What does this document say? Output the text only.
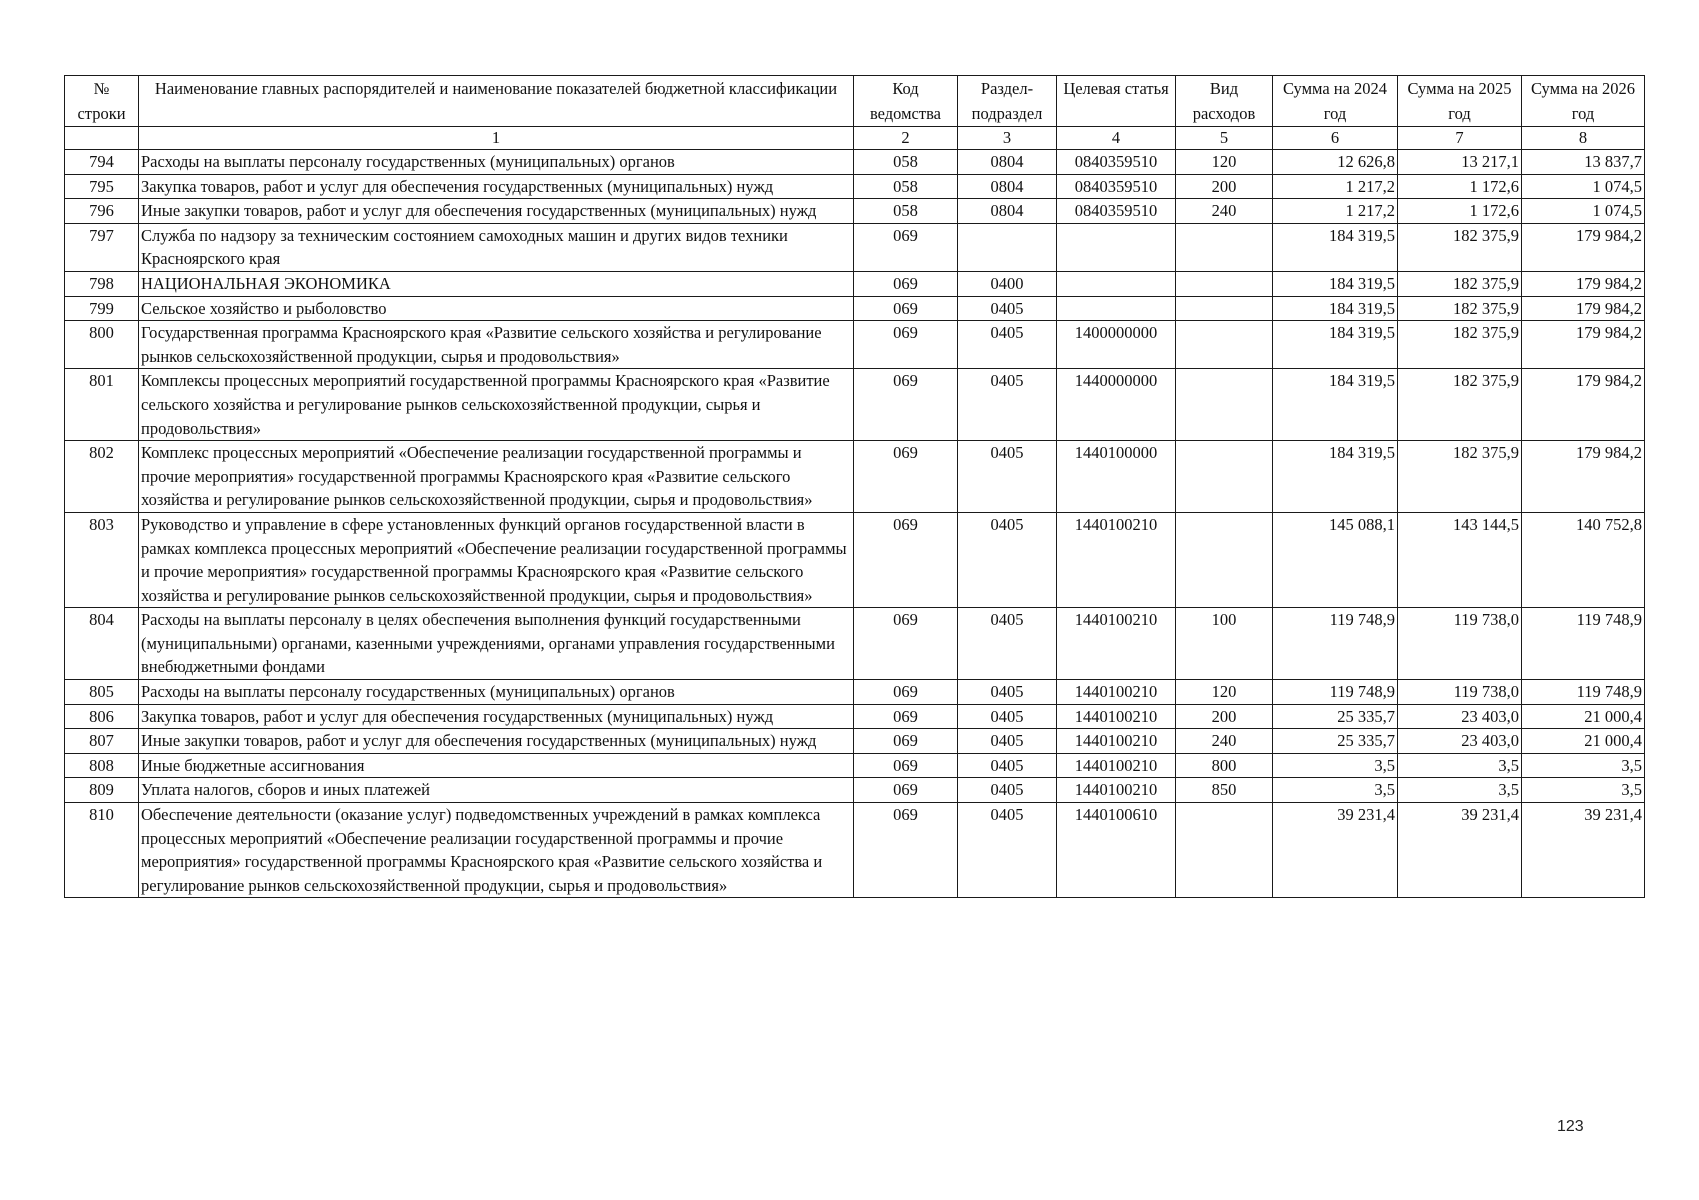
№ строки	Наименование главных распорядителей и наименование показателей бюджетной классификации	Код ведомства	Раздел-подраздел	Целевая статья	Вид расходов	Сумма на 2024 год	Сумма на 2025 год	Сумма на 2026 год
	1	2	3	4	5	6	7	8
794	Расходы на выплаты персоналу государственных (муниципальных) органов	058	0804	0840359510	120	12 626,8	13 217,1	13 837,7
795	Закупка товаров, работ и услуг для обеспечения государственных (муниципальных) нужд	058	0804	0840359510	200	1 217,2	1 172,6	1 074,5
796	Иные закупки товаров, работ и услуг для обеспечения государственных (муниципальных) нужд	058	0804	0840359510	240	1 217,2	1 172,6	1 074,5
797	Служба по надзору за техническим состоянием самоходных машин и других видов техники Красноярского края	069				184 319,5	182 375,9	179 984,2
798	НАЦИОНАЛЬНАЯ ЭКОНОМИКА	069	0400			184 319,5	182 375,9	179 984,2
799	Сельское хозяйство и рыболовство	069	0405			184 319,5	182 375,9	179 984,2
800	Государственная программа Красноярского края «Развитие сельского хозяйства и регулирование рынков сельскохозяйственной продукции, сырья и продовольствия»	069	0405	1400000000		184 319,5	182 375,9	179 984,2
801	Комплексы процессных мероприятий государственной программы Красноярского края «Развитие сельского хозяйства и регулирование рынков сельскохозяйственной продукции, сырья и продовольствия»	069	0405	1440000000		184 319,5	182 375,9	179 984,2
802	Комплекс процессных мероприятий «Обеспечение реализации государственной программы и прочие мероприятия» государственной программы Красноярского края «Развитие сельского хозяйства и регулирование рынков сельскохозяйственной продукции, сырья и продовольствия»	069	0405	1440100000		184 319,5	182 375,9	179 984,2
803	Руководство и управление в сфере установленных функций органов государственной власти в рамках комплекса процессных мероприятий «Обеспечение реализации государственной программы и прочие мероприятия» государственной программы Красноярского края «Развитие сельского хозяйства и регулирование рынков сельскохозяйственной продукции, сырья и продовольствия»	069	0405	1440100210		145 088,1	143 144,5	140 752,8
804	Расходы на выплаты персоналу в целях обеспечения выполнения функций государственными (муниципальными) органами, казенными учреждениями, органами управления государственными внебюджетными фондами	069	0405	1440100210	100	119 748,9	119 738,0	119 748,9
805	Расходы на выплаты персоналу государственных (муниципальных) органов	069	0405	1440100210	120	119 748,9	119 738,0	119 748,9
806	Закупка товаров, работ и услуг для обеспечения государственных (муниципальных) нужд	069	0405	1440100210	200	25 335,7	23 403,0	21 000,4
807	Иные закупки товаров, работ и услуг для обеспечения государственных (муниципальных) нужд	069	0405	1440100210	240	25 335,7	23 403,0	21 000,4
808	Иные бюджетные ассигнования	069	0405	1440100210	800	3,5	3,5	3,5
809	Уплата налогов, сборов и иных платежей	069	0405	1440100210	850	3,5	3,5	3,5
810	Обеспечение деятельности (оказание услуг) подведомственных учреждений в рамках комплекса процессных мероприятий «Обеспечение реализации государственной программы и прочие мероприятия» государственной программы Красноярского края «Развитие сельского хозяйства и регулирование рынков сельскохозяйственной продукции, сырья и продовольствия»	069	0405	1440100610		39 231,4	39 231,4	39 231,4
123
